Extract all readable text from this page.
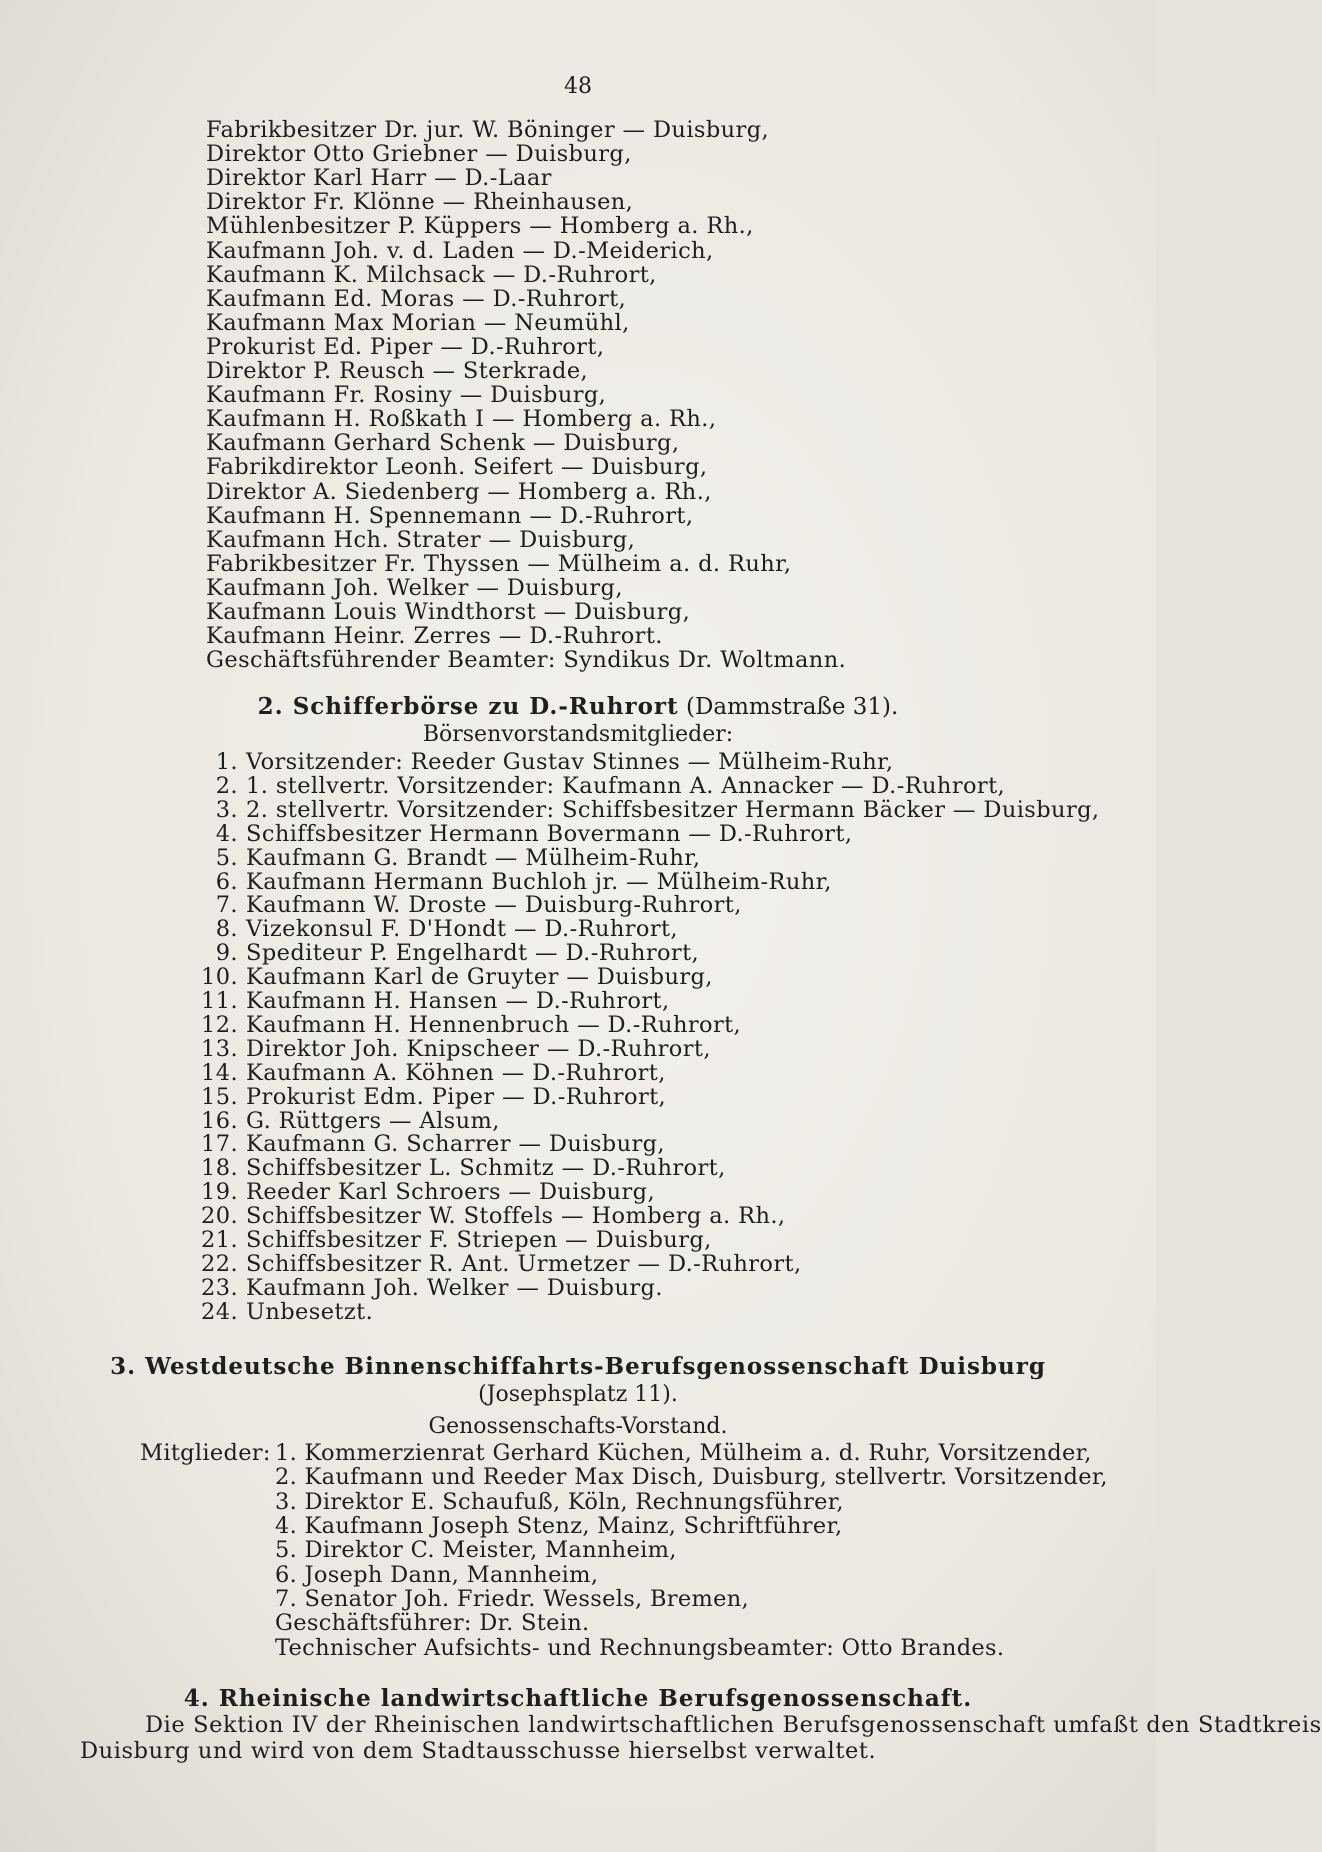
48
Fabrikbesitzer Dr. jur. W. Böninger — Duisburg,
Direktor Otto Griebner — Duisburg,
Direktor Karl Harr — D.-Laar
Direktor Fr. Klönne — Rheinhausen,
Mühlenbesitzer P. Küppers — Homberg a. Rh.,
Kaufmann Joh. v. d. Laden — D.-Meiderich,
Kaufmann K. Milchsack — D.-Ruhrort,
Kaufmann Ed. Moras — D.-Ruhrort,
Kaufmann Max Morian — Neumühl,
Prokurist Ed. Piper — D.-Ruhrort,
Direktor P. Reusch — Sterkrade,
Kaufmann Fr. Rosiny — Duisburg,
Kaufmann H. Roßkath I — Homberg a. Rh.,
Kaufmann Gerhard Schenk — Duisburg,
Fabrikdirektor Leonh. Seifert — Duisburg,
Direktor A. Siedenberg — Homberg a. Rh.,
Kaufmann H. Spennemann — D.-Ruhrort,
Kaufmann Hch. Strater — Duisburg,
Fabrikbesitzer Fr. Thyssen — Mülheim a. d. Ruhr,
Kaufmann Joh. Welker — Duisburg,
Kaufmann Louis Windthorst — Duisburg,
Kaufmann Heinr. Zerres — D.-Ruhrort.
Geschäftsführender Beamter: Syndikus Dr. Woltmann.
2. Schifferbörse zu D.-Ruhrort (Dammstraße 31).
Börsenvorstandsmitglieder:
1. Vorsitzender: Reeder Gustav Stinnes — Mülheim-Ruhr,
2. 1. stellvertr. Vorsitzender: Kaufmann A. Annacker — D.-Ruhrort,
3. 2. stellvertr. Vorsitzender: Schiffsbesitzer Hermann Bäcker — Duisburg,
4. Schiffsbesitzer Hermann Bovermann — D.-Ruhrort,
5. Kaufmann G. Brandt — Mülheim-Ruhr,
6. Kaufmann Hermann Buchloh jr. — Mülheim-Ruhr,
7. Kaufmann W. Droste — Duisburg-Ruhrort,
8. Vizekonsul F. D'Hondt — D.-Ruhrort,
9. Spediteur P. Engelhardt — D.-Ruhrort,
10. Kaufmann Karl de Gruyter — Duisburg,
11. Kaufmann H. Hansen — D.-Ruhrort,
12. Kaufmann H. Hennenbruch — D.-Ruhrort,
13. Direktor Joh. Knipscheer — D.-Ruhrort,
14. Kaufmann A. Köhnen — D.-Ruhrort,
15. Prokurist Edm. Piper — D.-Ruhrort,
16. G. Rüttgers — Alsum,
17. Kaufmann G. Scharrer — Duisburg,
18. Schiffsbesitzer L. Schmitz — D.-Ruhrort,
19. Reeder Karl Schroers — Duisburg,
20. Schiffsbesitzer W. Stoffels — Homberg a. Rh.,
21. Schiffsbesitzer F. Striepen — Duisburg,
22. Schiffsbesitzer R. Ant. Urmetzer — D.-Ruhrort,
23. Kaufmann Joh. Welker — Duisburg.
24. Unbesetzt.
3. Westdeutsche Binnenschiffahrts-Berufsgenossenschaft Duisburg
(Josephsplatz 11).
Genossenschafts-Vorstand.
Mitglieder: 1. Kommerzienrat Gerhard Küchen, Mülheim a. d. Ruhr, Vorsitzender,
2. Kaufmann und Reeder Max Disch, Duisburg, stellvertr. Vorsitzender,
3. Direktor E. Schaufuß, Köln, Rechnungsführer,
4. Kaufmann Joseph Stenz, Mainz, Schriftführer,
5. Direktor C. Meister, Mannheim,
6. Joseph Dann, Mannheim,
7. Senator Joh. Friedr. Wessels, Bremen,
Geschäftsführer: Dr. Stein.
Technischer Aufsichts- und Rechnungsbeamter: Otto Brandes.
4. Rheinische landwirtschaftliche Berufsgenossenschaft.
Die Sektion IV der Rheinischen landwirtschaftlichen Berufsgenossenschaft umfaßt den Stadtkreis
Duisburg und wird von dem Stadtausschusse hierselbst verwaltet.
